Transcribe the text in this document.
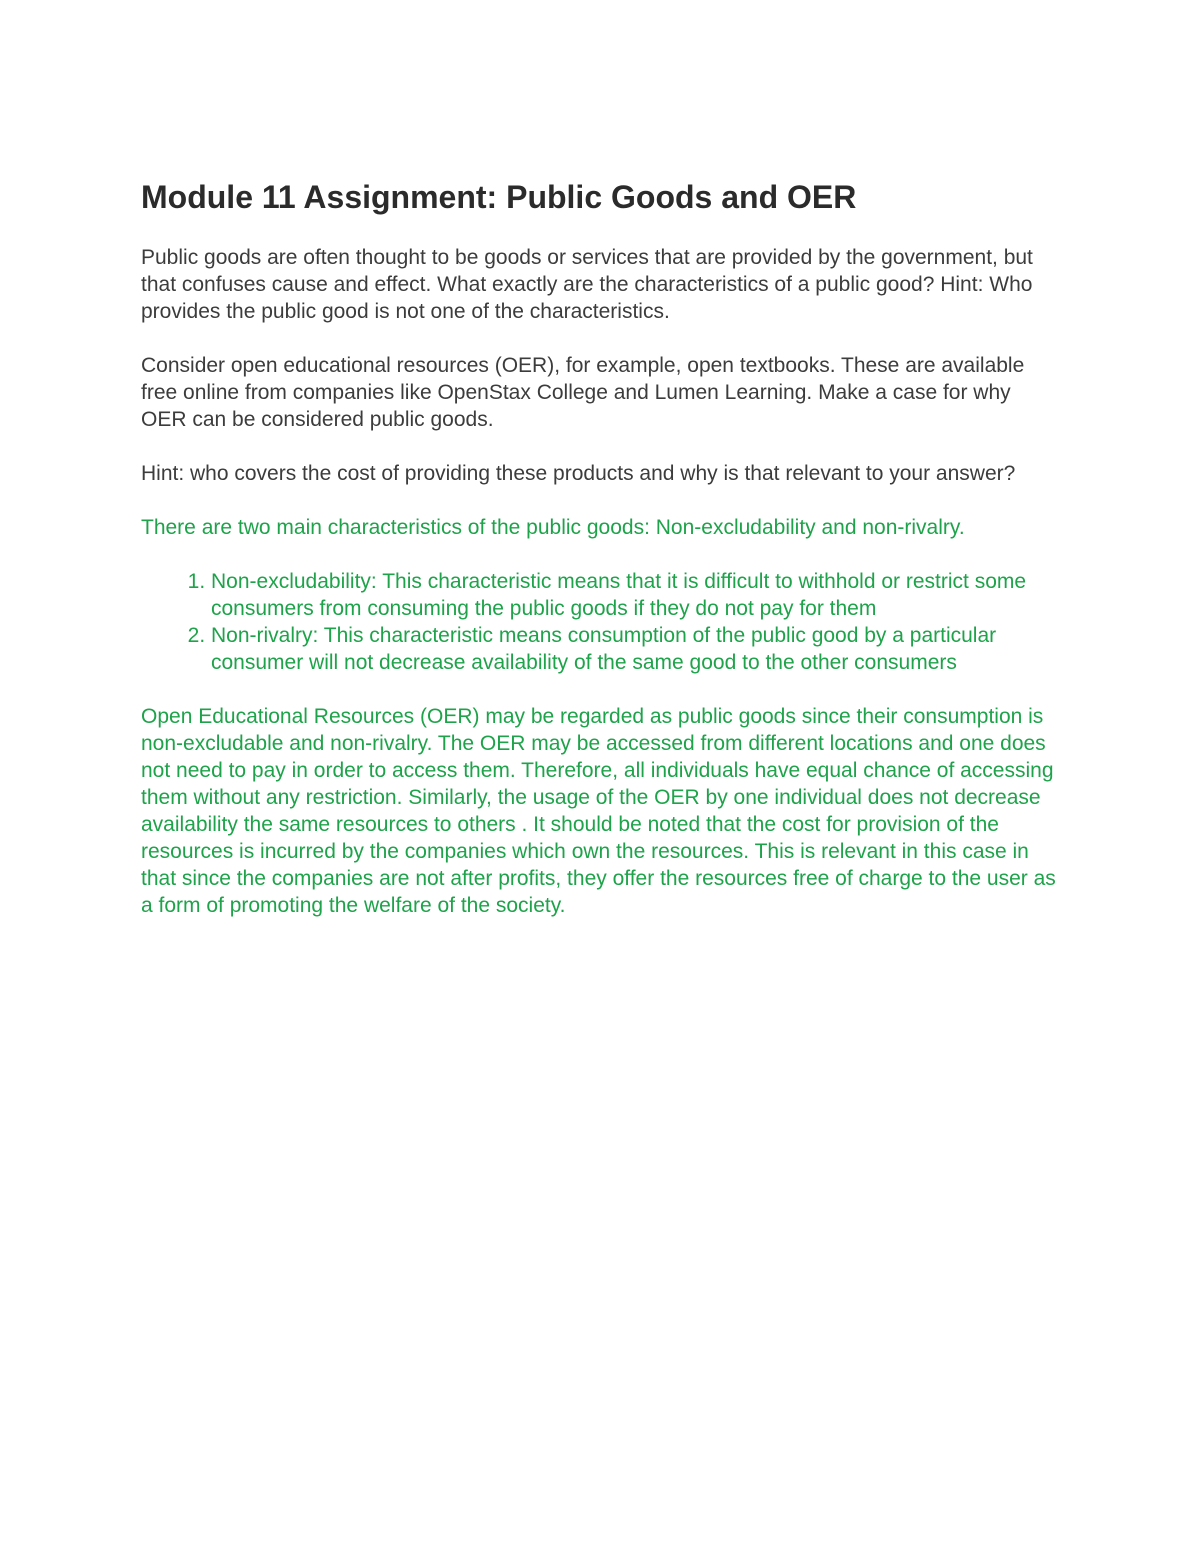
Module 11 Assignment: Public Goods and OER

Public goods are often thought to be goods or services that are provided by the government, but that confuses cause and effect. What exactly are the characteristics of a public good? Hint: Who provides the public good is not one of the characteristics.

Consider open educational resources (OER), for example, open textbooks. These are available free online from companies like OpenStax College and Lumen Learning. Make a case for why OER can be considered public goods.

Hint: who covers the cost of providing these products and why is that relevant to your answer?

There are two main characteristics of the public goods: Non-excludability and non-rivalry.

1. Non-excludability: This characteristic means that it is difficult to withhold or restrict some consumers from consuming the public goods if they do not pay for them
2. Non-rivalry: This characteristic means consumption of the public good by a particular consumer will not decrease availability of the same good to the other consumers

Open Educational Resources (OER) may be regarded as public goods since their consumption is non-excludable and non-rivalry. The OER may be accessed from different locations and one does not need to pay in order to access them. Therefore, all individuals have equal chance of accessing them without any restriction. Similarly, the usage of the OER by one individual does not decrease availability the same resources to others . It should be noted that the cost for provision of the resources is incurred by the companies which own the resources. This is relevant in this case in that since the companies are not after profits, they offer the resources free of charge to the user as a form of promoting the welfare of the society.
